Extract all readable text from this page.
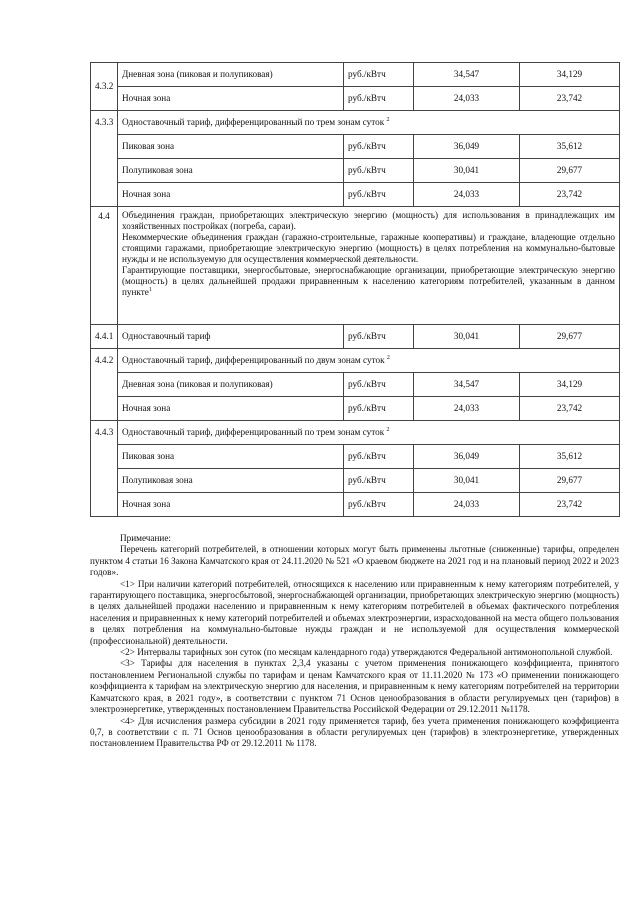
4.3.2	Дневная зона (пиковая и полупиковая)	руб./кВтч	34,547	34,129
	Ночная зона	руб./кВтч	24,033	23,742
4.3.3	Одноставочный тариф, дифференцированный по трем зонам суток $^2$
	Пиковая зона	руб./кВтч	36,049	35,612
	Полупиковая зона	руб./кВтч	30,041	29,677
	Ночная зона	руб./кВтч	24,033	23,742
4.4	Объединения граждан, приобретающих электрическую энергию (мощность) для использования в принадлежащих им хозяйственных постройках (погреба, сараи).

Некоммерческие объединения граждан (гаражно-строительные, гаражные кооперативы) и граждане, владеющие отдельно стоящими гаражами, приобретающие электрическую энергию (мощность) в целях потребления на коммунально-бытовые нужды и не используемую для осуществления коммерческой деятельности.

Гарантирующие поставщики, энергосбытовые, энергоснабжающие организации, приобретающие электрическую энергию (мощность) в целях дальнейшей продажи приравненным к населению категориям потребителей, указанным в данном пункте$^1$

4.4.1	Одноставочный тариф	руб./кВтч	30,041	29,677
4.4.2	Одноставочный тариф, дифференцированный по двум зонам суток $^2$
	Дневная зона (пиковая и полупиковая)	руб./кВтч	34,547	34,129
	Ночная зона	руб./кВтч	24,033	23,742
4.4.3	Одноставочный тариф, дифференцированный по трем зонам суток $^2$
	Пиковая зона	руб./кВтч	36,049	35,612
	Полупиковая зона	руб./кВтч	30,041	29,677
	Ночная зона	руб./кВтч	24,033	23,742

Примечание:

Перечень категорий потребителей, в отношении которых могут быть применены льготные (сниженные) тарифы, определен пунктом 4 статьи 16 Закона Камчатского края от 24.11.2020 № 521 «О краевом бюджете на 2021 год и на плановый период 2022 и 2023 годов».

<1> При наличии категорий потребителей, относящихся к населению или приравненным к нему категориям потребителей, у гарантирующего поставщика, энергосбытовой, энергоснабжающей организации, приобретающих электрическую энергию (мощность) в целях дальнейшей продажи населению и приравненным к нему категориям потребителей в объемах фактического потребления населения и приравненных к нему категорий потребителей и объемах электроэнергии, израсходованной на места общего пользования в целях потребления на коммунально-бытовые нужды граждан и не используемой для осуществления коммерческой (профессиональной) деятельности.

<2> Интервалы тарифных зон суток (по месяцам календарного года) утверждаются Федеральной антимонопольной службой.

<3> Тарифы для населения в пунктах 2,3,4 указаны с учетом применения понижающего коэффициента, принятого постановлением Региональной службы по тарифам и ценам Камчатского края от 11.11.2020 № 173 «О применении понижающего коэффициента к тарифам на электрическую энергию для населения, и приравненным к нему категориям потребителей на территории Камчатского края, в 2021 году», в соответствии с пунктом 71 Основ ценообразования в области регулируемых цен (тарифов) в электроэнергетике, утвержденных постановлением Правительства Российской Федерации от 29.12.2011 №1178.

<4> Для исчисления размера субсидии в 2021 году применяется тариф, без учета применения понижающего коэффициента 0,7, в соответствии с п. 71 Основ ценообразования в области регулируемых цен (тарифов) в электроэнергетике, утвержденных постановлением Правительства РФ от 29.12.2011 № 1178.
